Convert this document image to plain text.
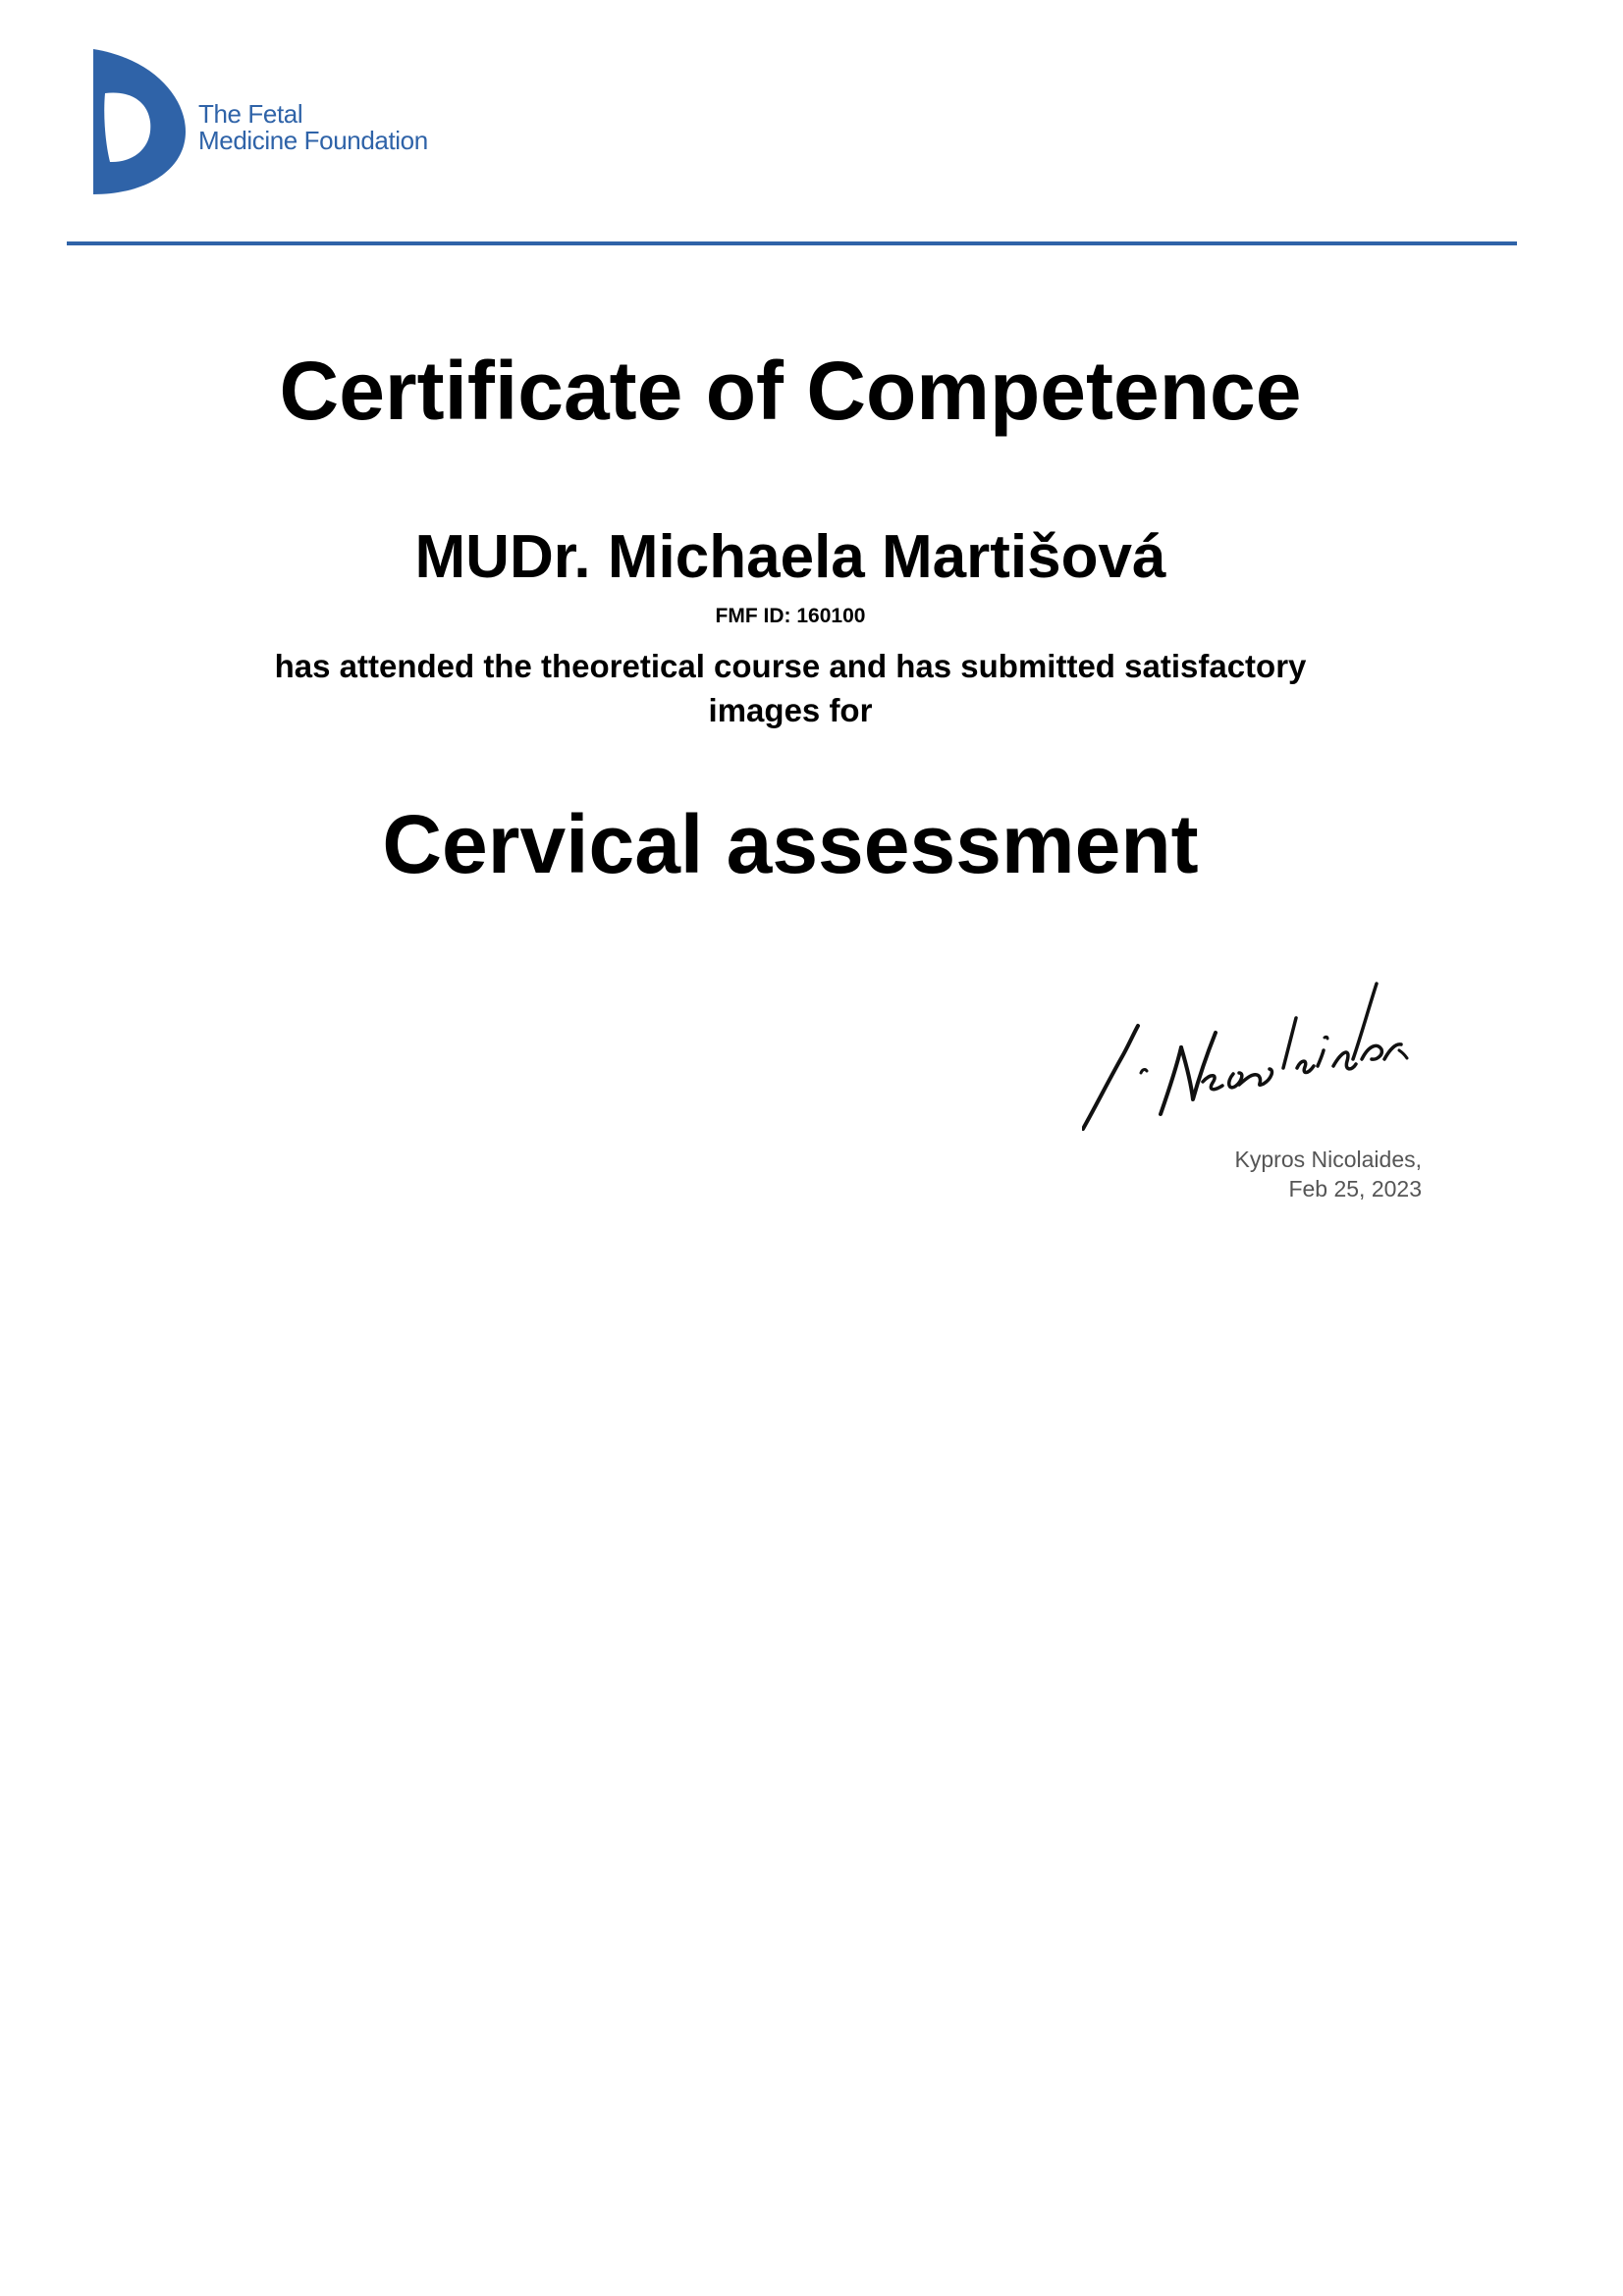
The Fetal
Medicine Foundation
Certificate of Competence
MUDr. Michaela Martišová
FMF ID: 160100
has attended the theoretical course and has submitted satisfactory
images for
Cervical assessment
Kypros Nicolaides,
Feb 25, 2023
